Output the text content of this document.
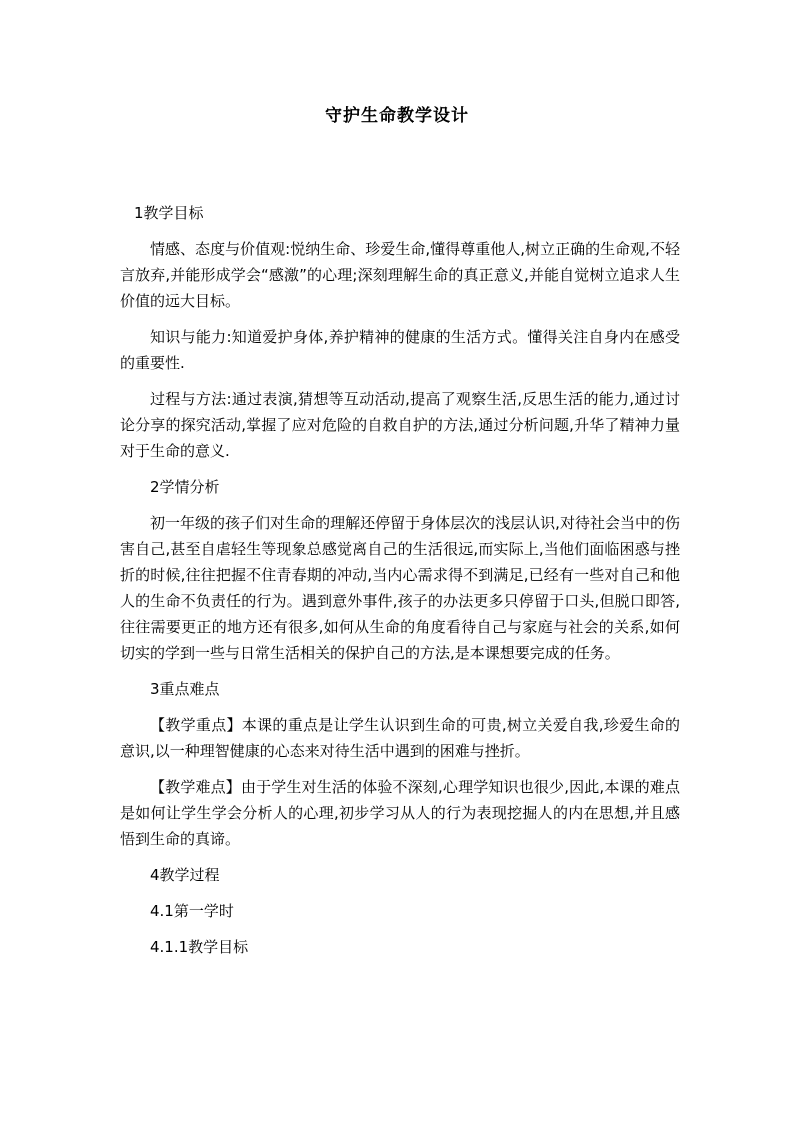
守护生命教学设计

1教学目标

情感、态度与价值观:悦纳生命、珍爱生命,懂得尊重他人,树立正确的生命观,不轻言放弃,并能形成学会“感激”的心理;深刻理解生命的真正意义,并能自觉树立追求人生价值的远大目标。

知识与能力:知道爱护身体,养护精神的健康的生活方式。懂得关注自身内在感受的重要性.

过程与方法:通过表演,猜想等互动活动,提高了观察生活,反思生活的能力,通过讨论分享的探究活动,掌握了应对危险的自救自护的方法,通过分析问题,升华了精神力量对于生命的意义.

2学情分析

初一年级的孩子们对生命的理解还停留于身体层次的浅层认识,对待社会当中的伤害自己,甚至自虐轻生等现象总感觉离自己的生活很远,而实际上,当他们面临困惑与挫折的时候,往往把握不住青春期的冲动,当内心需求得不到满足,已经有一些对自己和他人的生命不负责任的行为。遇到意外事件,孩子的办法更多只停留于口头,但脱口即答,往往需要更正的地方还有很多,如何从生命的角度看待自己与家庭与社会的关系,如何切实的学到一些与日常生活相关的保护自己的方法,是本课想要完成的任务。

3重点难点

【教学重点】本课的重点是让学生认识到生命的可贵,树立关爱自我,珍爱生命的意识,以一种理智健康的心态来对待生活中遇到的困难与挫折。

【教学难点】由于学生对生活的体验不深刻,心理学知识也很少,因此,本课的难点是如何让学生学会分析人的心理,初步学习从人的行为表现挖掘人的内在思想,并且感悟到生命的真谛。

4教学过程

4.1第一学时

4.1.1教学目标
